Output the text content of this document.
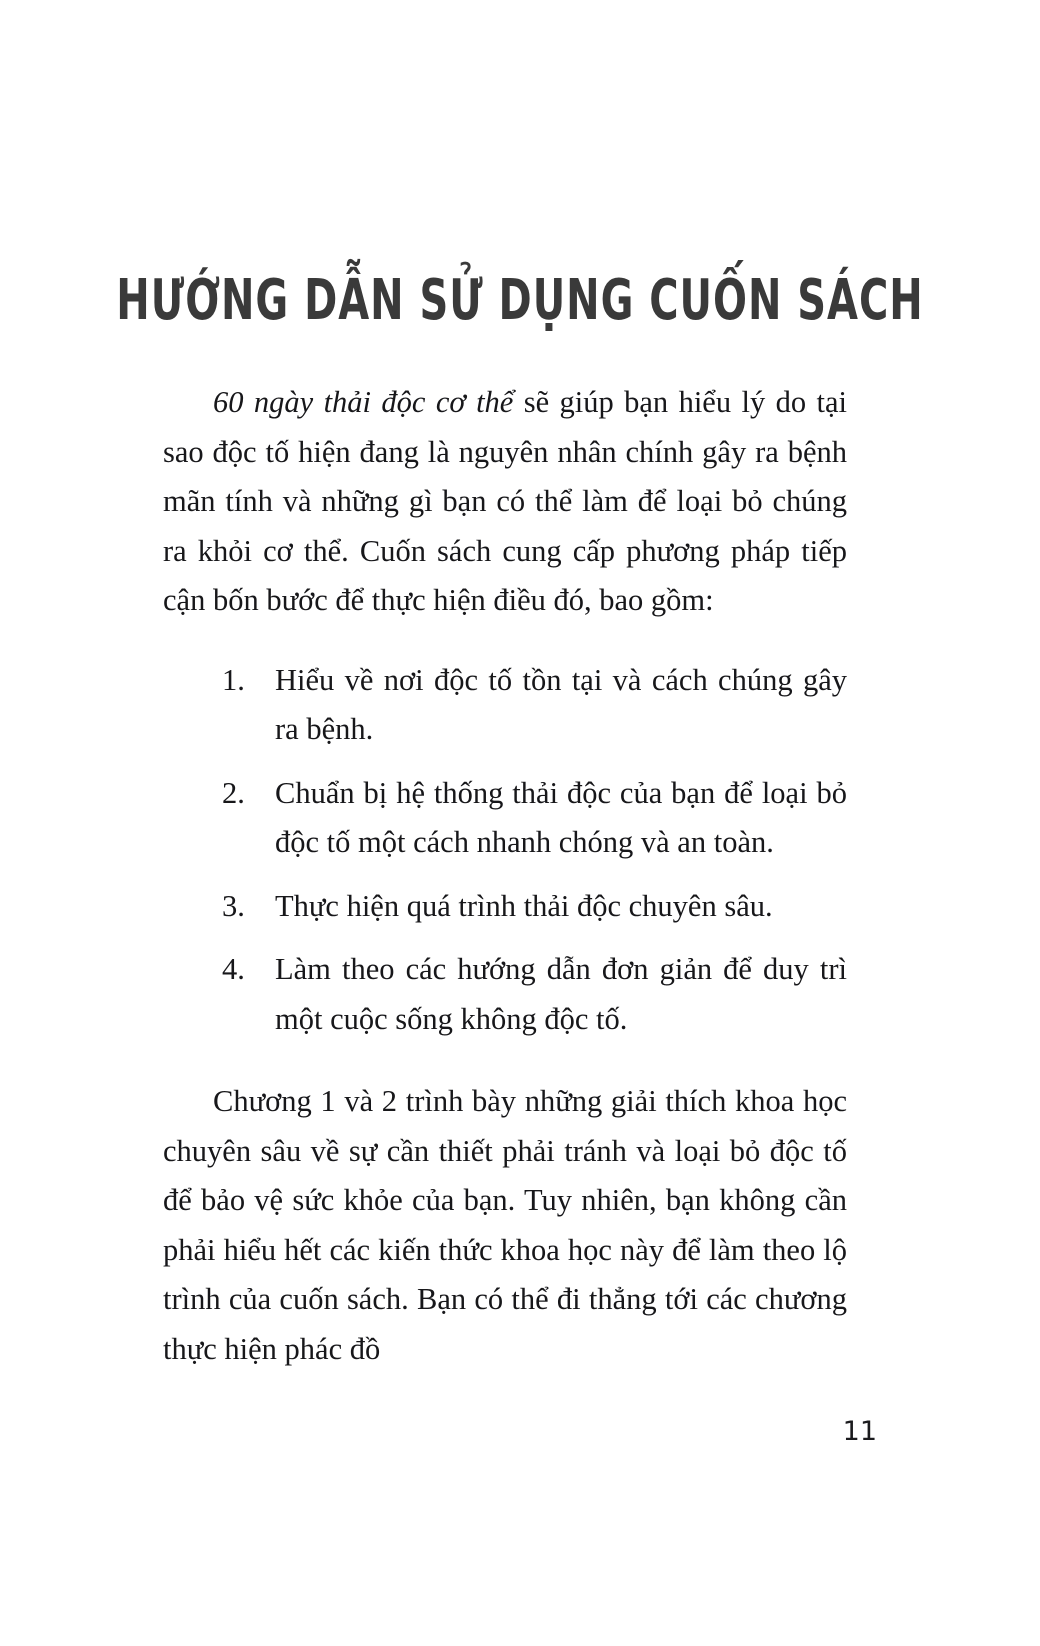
HƯỚNG DẪN SỬ DỤNG CUỐN SÁCH

60 ngày thải độc cơ thể sẽ giúp bạn hiểu lý do tại sao độc tố hiện đang là nguyên nhân chính gây ra bệnh mãn tính và những gì bạn có thể làm để loại bỏ chúng ra khỏi cơ thể. Cuốn sách cung cấp phương pháp tiếp cận bốn bước để thực hiện điều đó, bao gồm:

1. Hiểu về nơi độc tố tồn tại và cách chúng gây ra bệnh.
2. Chuẩn bị hệ thống thải độc của bạn để loại bỏ độc tố một cách nhanh chóng và an toàn.
3. Thực hiện quá trình thải độc chuyên sâu.
4. Làm theo các hướng dẫn đơn giản để duy trì một cuộc sống không độc tố.

Chương 1 và 2 trình bày những giải thích khoa học chuyên sâu về sự cần thiết phải tránh và loại bỏ độc tố để bảo vệ sức khỏe của bạn. Tuy nhiên, bạn không cần phải hiểu hết các kiến thức khoa học này để làm theo lộ trình của cuốn sách. Bạn có thể đi thẳng tới các chương thực hiện phác đồ

11
